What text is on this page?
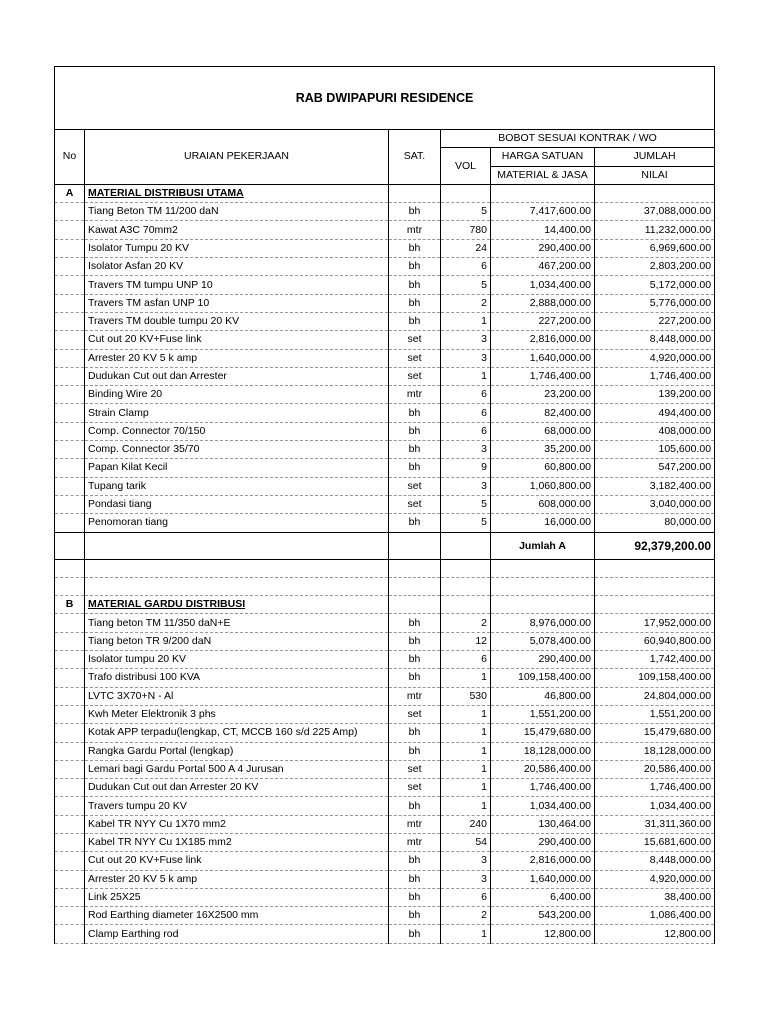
RAB DWIPAPURI RESIDENCE					
No	URAIAN PEKERJAAN	SAT.	BOBOT SESUAI KONTRAK / WO		
			VOL	HARGA SATUAN	JUMLAH
				MATERIAL & JASA	NILAI
A	MATERIAL DISTRIBUSI UTAMA				
	Tiang Beton TM 11/200 daN	bh	5	7,417,600.00	37,088,000.00
	Kawat A3C 70mm2	mtr	780	14,400.00	11,232,000.00
	Isolator Tumpu 20 KV	bh	24	290,400.00	6,969,600.00
	Isolator Asfan 20 KV	bh	6	467,200.00	2,803,200.00
	Travers TM tumpu UNP 10	bh	5	1,034,400.00	5,172,000.00
	Travers TM asfan UNP 10	bh	2	2,888,000.00	5,776,000.00
	Travers TM double tumpu 20 KV	bh	1	227,200.00	227,200.00
	Cut out 20 KV+Fuse link	set	3	2,816,000.00	8,448,000.00
	Arrester 20 KV 5 k amp	set	3	1,640,000.00	4,920,000.00
	Dudukan Cut out dan Arrester	set	1	1,746,400.00	1,746,400.00
	Binding Wire 20	mtr	6	23,200.00	139,200.00
	Strain Clamp	bh	6	82,400.00	494,400.00
	Comp. Connector 70/150	bh	6	68,000.00	408,000.00
	Comp. Connector 35/70	bh	3	35,200.00	105,600.00
	Papan Kilat Kecil	bh	9	60,800.00	547,200.00
	Tupang tarik	set	3	1,060,800.00	3,182,400.00
	Pondasi tiang	set	5	608,000.00	3,040,000.00
	Penomoran tiang	bh	5	16,000.00	80,000.00
				Jumlah A	92,379,200.00

B	MATERIAL GARDU DISTRIBUSI				
	Tiang beton TM 11/350 daN+E	bh	2	8,976,000.00	17,952,000.00
	Tiang beton TR 9/200 daN	bh	12	5,078,400.00	60,940,800.00
	Isolator tumpu 20 KV	bh	6	290,400.00	1,742,400.00
	Trafo distribusi 100 KVA	bh	1	109,158,400.00	109,158,400.00
	LVTC 3X70+N - Al	mtr	530	46,800.00	24,804,000.00
	Kwh Meter Elektronik 3 phs	set	1	1,551,200.00	1,551,200.00
	Kotak APP terpadu(lengkap, CT, MCCB 160 s/d 225 Amp)	bh	1	15,479,680.00	15,479,680.00
	Rangka Gardu Portal (lengkap)	bh	1	18,128,000.00	18,128,000.00
	Lemari bagi Gardu Portal 500 A 4 Jurusan	set	1	20,586,400.00	20,586,400.00
	Dudukan Cut out dan Arrester 20 KV	set	1	1,746,400.00	1,746,400.00
	Travers tumpu 20 KV	bh	1	1,034,400.00	1,034,400.00
	Kabel TR NYY Cu 1X70 mm2	mtr	240	130,464.00	31,311,360.00
	Kabel TR NYY Cu 1X185 mm2	mtr	54	290,400.00	15,681,600.00
	Cut out 20 KV+Fuse link	bh	3	2,816,000.00	8,448,000.00
	Arrester 20 KV 5 k amp	bh	3	1,640,000.00	4,920,000.00
	Link 25X25	bh	6	6,400.00	38,400.00
	Rod Earthing diameter 16X2500 mm	bh	2	543,200.00	1,086,400.00
	Clamp Earthing rod	bh	1	12,800.00	12,800.00
